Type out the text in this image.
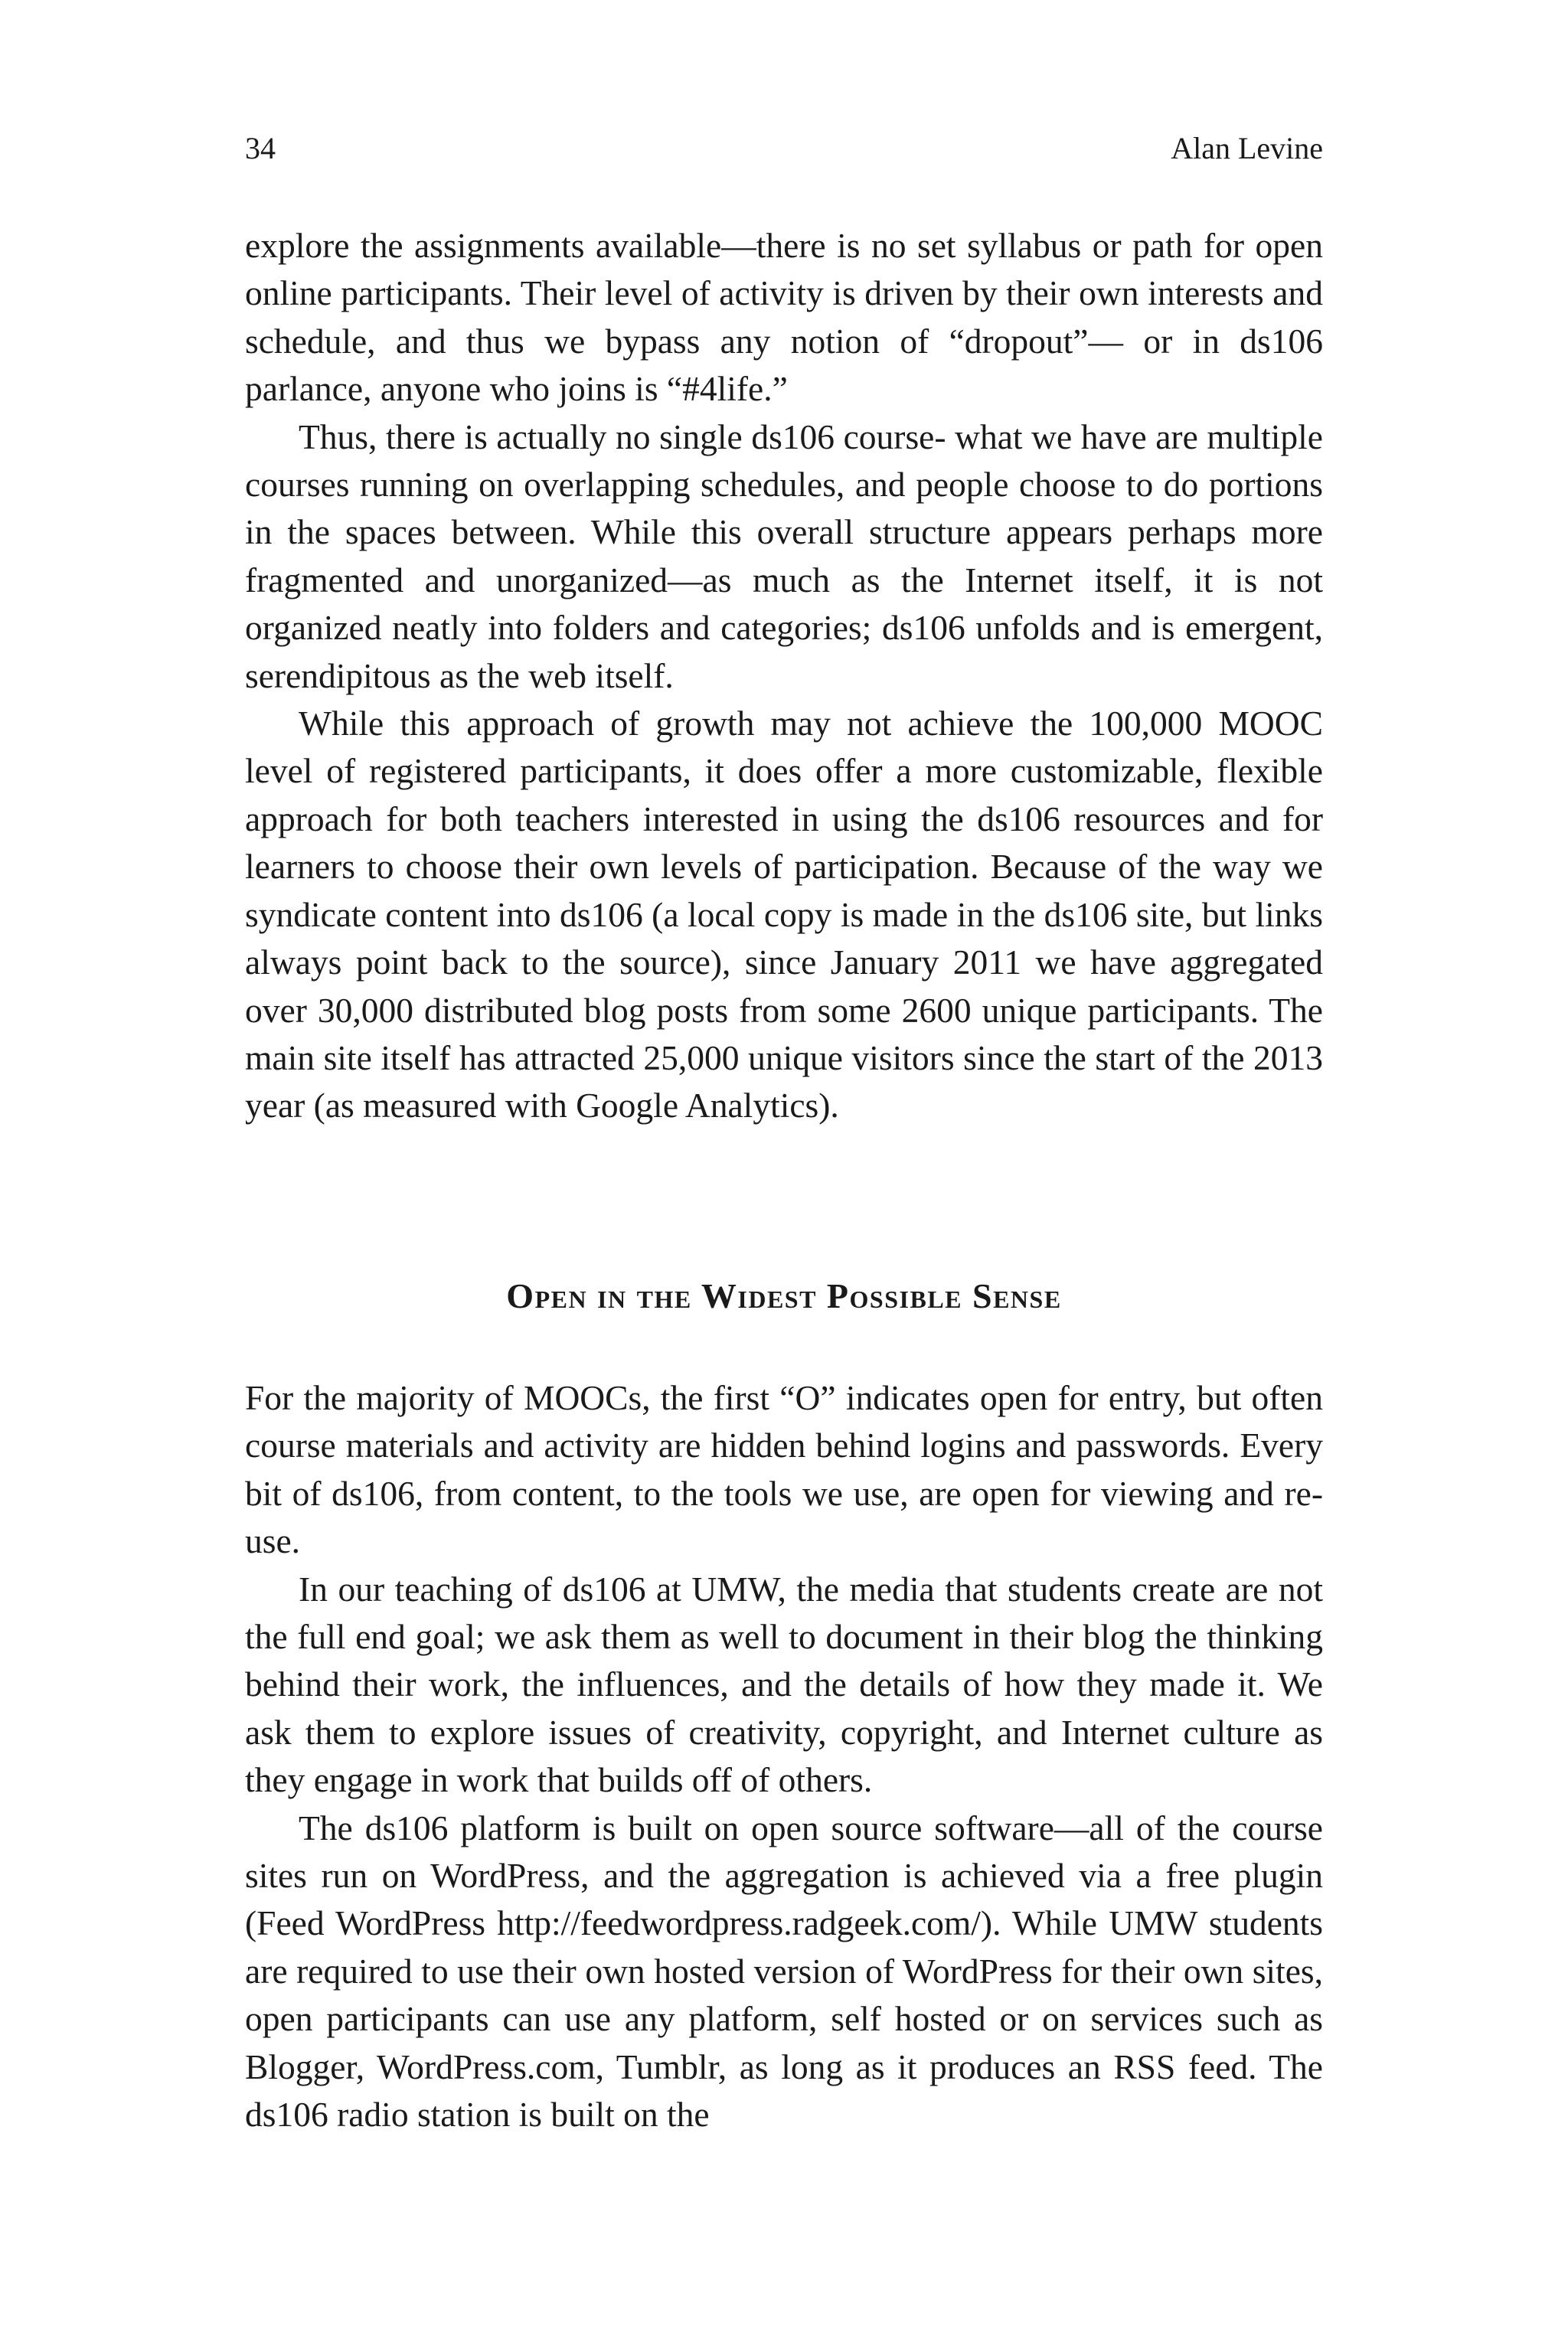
34	Alan Levine

explore the assignments available—there is no set syllabus or path for open online participants. Their level of activity is driven by their own interests and schedule, and thus we bypass any notion of “dropout”— or in ds106 parlance, anyone who joins is “#4life.”

Thus, there is actually no single ds106 course- what we have are multiple courses running on overlapping schedules, and people choose to do portions in the spaces between. While this overall structure appears perhaps more fragmented and unorganized—as much as the Internet itself, it is not organized neatly into folders and categories; ds106 unfolds and is emergent, serendipitous as the web itself.

While this approach of growth may not achieve the 100,000 MOOC level of registered participants, it does offer a more customizable, flexible approach for both teachers interested in using the ds106 resources and for learners to choose their own levels of participation. Because of the way we syndicate content into ds106 (a local copy is made in the ds106 site, but links always point back to the source), since January 2011 we have aggregated over 30,000 distributed blog posts from some 2600 unique participants. The main site itself has attracted 25,000 unique visitors since the start of the 2013 year (as measured with Google Analytics).

Open in the Widest Possible Sense

For the majority of MOOCs, the first “O” indicates open for entry, but often course materials and activity are hidden behind logins and passwords. Every bit of ds106, from content, to the tools we use, are open for viewing and re-use.

In our teaching of ds106 at UMW, the media that students create are not the full end goal; we ask them as well to document in their blog the thinking behind their work, the influences, and the details of how they made it. We ask them to explore issues of creativity, copyright, and Internet culture as they engage in work that builds off of others.

The ds106 platform is built on open source software—all of the course sites run on WordPress, and the aggregation is achieved via a free plugin (Feed WordPress http://feedwordpress.radgeek.com/). While UMW students are required to use their own hosted version of WordPress for their own sites, open participants can use any platform, self hosted or on services such as Blogger, WordPress.com, Tumblr, as long as it produces an RSS feed. The ds106 radio station is built on the
